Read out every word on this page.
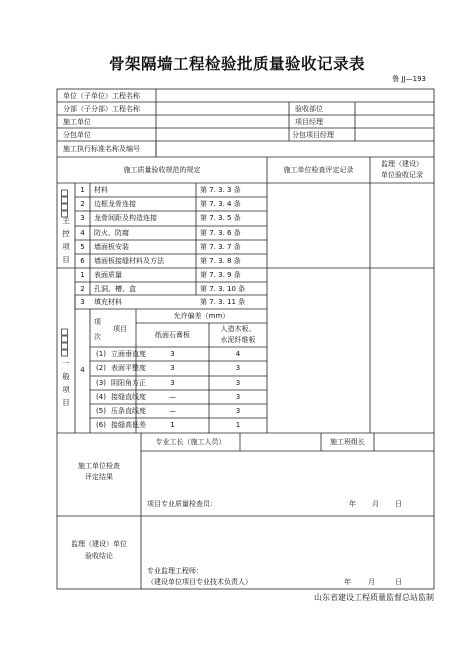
骨架隔墙工程检验批质量验收记录表
鲁 JJ—193
单位（子单位）工程名称
分部（子分部）工程名称	验收部位
施工单位	项目经理
分包单位	分包项目经理
施工执行标准名称及编号
施工质量验收规范的规定	施工单位检查评定记录
监理（建设）
单位验收记录
主
控
项
目
1	材料	第 7. 3. 3 条
2	边框龙骨连接	第 7. 3. 4 条
3	龙骨间距及构造连接	第 7. 3. 5 条
4	防火、防腐	第 7. 3. 6 条
5	墙面板安装	第 7. 3. 7 条
6	墙面板接缝材料及方法	第 7. 3. 8 条
一
般
项
目
1	表面质量	第 7. 3. 9 条
2	孔洞、槽、盒	第 7. 3. 10 条
3	填充材料	第 7. 3. 11 条
4
项
次
项目
允许偏差（mm）
纸面石膏板
人造木板、
水泥纤维板
(1) 立面垂直度	3	4
(2) 表面平整度	3	3
(3) 阴阳角方正	3	3
(4) 接缝直线度	—	3
(5) 压条直线度	—	3
(6) 接缝高低差	1	1
施工单位检查
评定结果
专业工长（施工人员）	施工班组长
项目专业质量检查员：	年 月 日
监理（建设）单位
验收结论
专业监理工程师：
（建设单位项目专业技术负责人）	年 月	日
山东省建设工程质量监督总站监制
